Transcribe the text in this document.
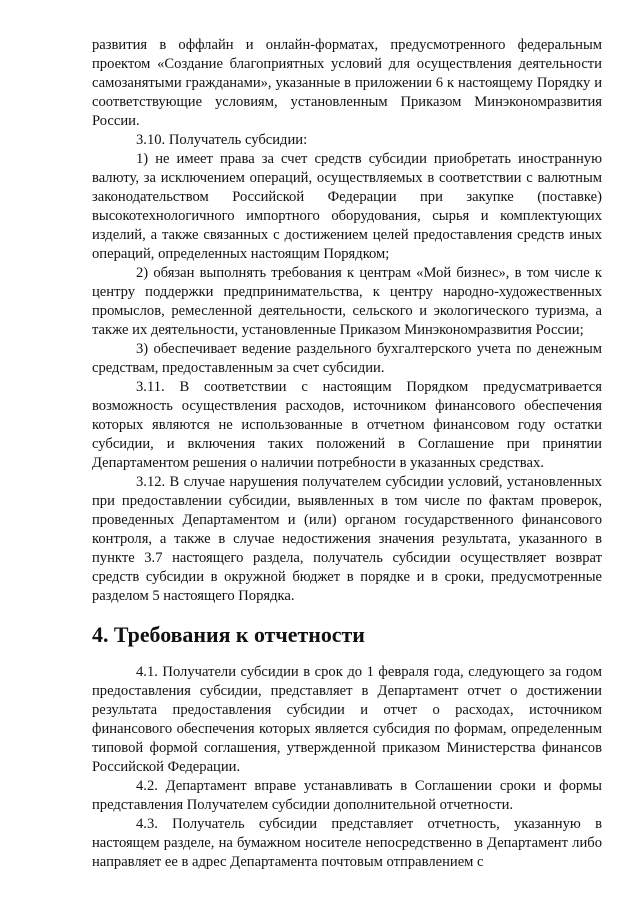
развития в оффлайн и онлайн-форматах, предусмотренного федеральным проектом «Создание благоприятных условий для осуществления деятельности самозанятыми гражданами», указанные в приложении 6 к настоящему Порядку и соответствующие условиям, установленным Приказом Минэкономразвития России.

3.10. Получатель субсидии:

1) не имеет права за счет средств субсидии приобретать иностранную валюту, за исключением операций, осуществляемых в соответствии с валютным законодательством Российской Федерации при закупке (поставке) высокотехнологичного импортного оборудования, сырья и комплектующих изделий, а также связанных с достижением целей предоставления средств иных операций, определенных настоящим Порядком;

2) обязан выполнять требования к центрам «Мой бизнес», в том числе к центру поддержки предпринимательства, к центру народно-художественных промыслов, ремесленной деятельности, сельского и экологического туризма, а также их деятельности, установленные Приказом Минэкономразвития России;

3) обеспечивает ведение раздельного бухгалтерского учета по денежным средствам, предоставленным за счет субсидии.

3.11. В соответствии с настоящим Порядком предусматривается возможность осуществления расходов, источником финансового обеспечения которых являются не использованные в отчетном финансовом году остатки субсидии, и включения таких положений в Соглашение при принятии Департаментом решения о наличии потребности в указанных средствах.

3.12. В случае нарушения получателем субсидии условий, установленных при предоставлении субсидии, выявленных в том числе по фактам проверок, проведенных Департаментом и (или) органом государственного финансового контроля, а также в случае недостижения значения результата, указанного в пункте 3.7 настоящего раздела, получатель субсидии осуществляет возврат средств субсидии в окружной бюджет в порядке и в сроки, предусмотренные разделом 5 настоящего Порядка.

4. Требования к отчетности

4.1. Получатели субсидии в срок до 1 февраля года, следующего за годом предоставления субсидии, представляет в Департамент отчет о достижении результата предоставления субсидии и отчет о расходах, источником финансового обеспечения которых является субсидия по формам, определенным типовой формой соглашения, утвержденной приказом Министерства финансов Российской Федерации.

4.2. Департамент вправе устанавливать в Соглашении сроки и формы представления Получателем субсидии дополнительной отчетности.

4.3. Получатель субсидии представляет отчетность, указанную в настоящем разделе, на бумажном носителе непосредственно в Департамент либо направляет ее в адрес Департамента почтовым отправлением с
